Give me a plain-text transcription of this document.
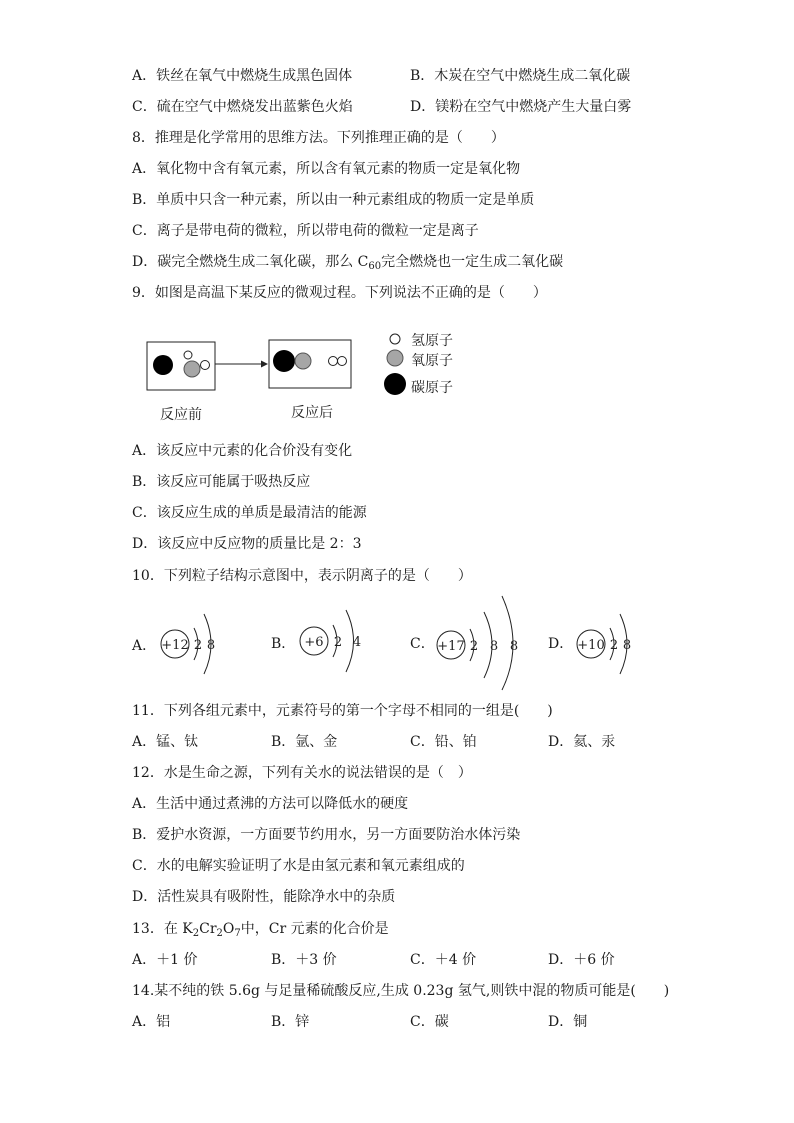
A．铁丝在氧气中燃烧生成黑色固体	B．木炭在空气中燃烧生成二氧化碳
C．硫在空气中燃烧发出蓝紫色火焰	D．镁粉在空气中燃烧产生大量白雾
8．推理是化学常用的思维方法。下列推理正确的是（　　）
A．氧化物中含有氧元素，所以含有氧元素的物质一定是氧化物
B．单质中只含一种元素，所以由一种元素组成的物质一定是单质
C．离子是带电荷的微粒，所以带电荷的微粒一定是离子
D．碳完全燃烧生成二氧化碳，那么 $C_{60}$完全燃烧也一定生成二氧化碳
9．如图是高温下某反应的微观过程。下列说法不正确的是（　　）
氢原子
氧原子
碳原子
反应前	反应后
A．该反应中元素的化合价没有变化
B．该反应可能属于吸热反应
C．该反应生成的单质是最清洁的能源
D．该反应中反应物的质量比是 2：3
10．下列粒子结构示意图中，表示阴离子的是（　　）
A． +12 2 8	B． +6 2 4	C． +17 2 8 8 D． +10 2 8
11．下列各组元素中，元素符号的第一个字母不相同的一组是(　　)
A．锰、钛	B．氩、金	C．铅、铂	D．氦、汞
12．水是生命之源，下列有关水的说法错误的是（　）
A．生活中通过煮沸的方法可以降低水的硬度
B．爱护水资源，一方面要节约用水，另一方面要防治水体污染
C．水的电解实验证明了水是由氢元素和氧元素组成的
D．活性炭具有吸附性，能除净水中的杂质
13．在 $K_2Cr_2O_7$中，Cr 元素的化合价是
A．＋1 价	B．＋3 价	C．＋4 价	D．＋6 价
14.某不纯的铁 5.6g 与足量稀硫酸反应,生成 0.23g 氢气,则铁中混的物质可能是(　　)
A．铝	B．锌	C．碳	D．铜
